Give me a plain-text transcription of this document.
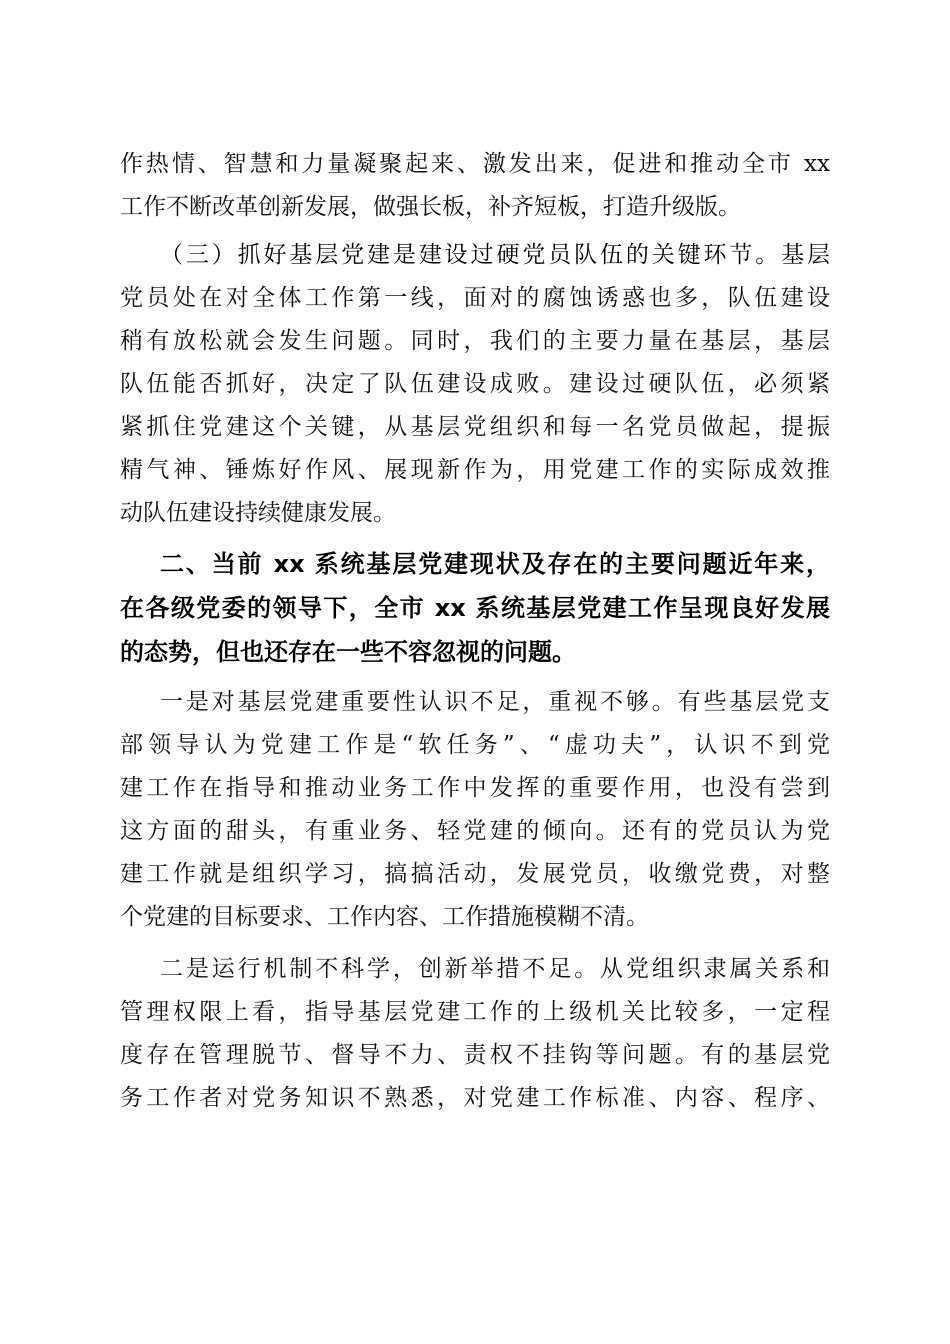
作热情、智慧和力量凝聚起来、激发出来，促进和推动全市 xx
工作不断改革创新发展，做强长板，补齐短板，打造升级版。
（三）抓好基层党建是建设过硬党员队伍的关键环节。基层
党员处在对全体工作第一线，面对的腐蚀诱惑也多，队伍建设
稍有放松就会发生问题。同时，我们的主要力量在基层，基层
队伍能否抓好，决定了队伍建设成败。建设过硬队伍，必须紧
紧抓住党建这个关键，从基层党组织和每一名党员做起，提振
精气神、锤炼好作风、展现新作为，用党建工作的实际成效推
动队伍建设持续健康发展。
二、当前 xx 系统基层党建现状及存在的主要问题近年来，
在各级党委的领导下，全市 xx 系统基层党建工作呈现良好发展
的态势，但也还存在一些不容忽视的问题。
一是对基层党建重要性认识不足，重视不够。有些基层党支
部领导认为党建工作是“软任务”、“虚功夫”，认识不到党
建工作在指导和推动业务工作中发挥的重要作用，也没有尝到
这方面的甜头，有重业务、轻党建的倾向。还有的党员认为党
建工作就是组织学习，搞搞活动，发展党员，收缴党费，对整
个党建的目标要求、工作内容、工作措施模糊不清。
二是运行机制不科学，创新举措不足。从党组织隶属关系和
管理权限上看，指导基层党建工作的上级机关比较多，一定程
度存在管理脱节、督导不力、责权不挂钩等问题。有的基层党
务工作者对党务知识不熟悉，对党建工作标准、内容、程序、
